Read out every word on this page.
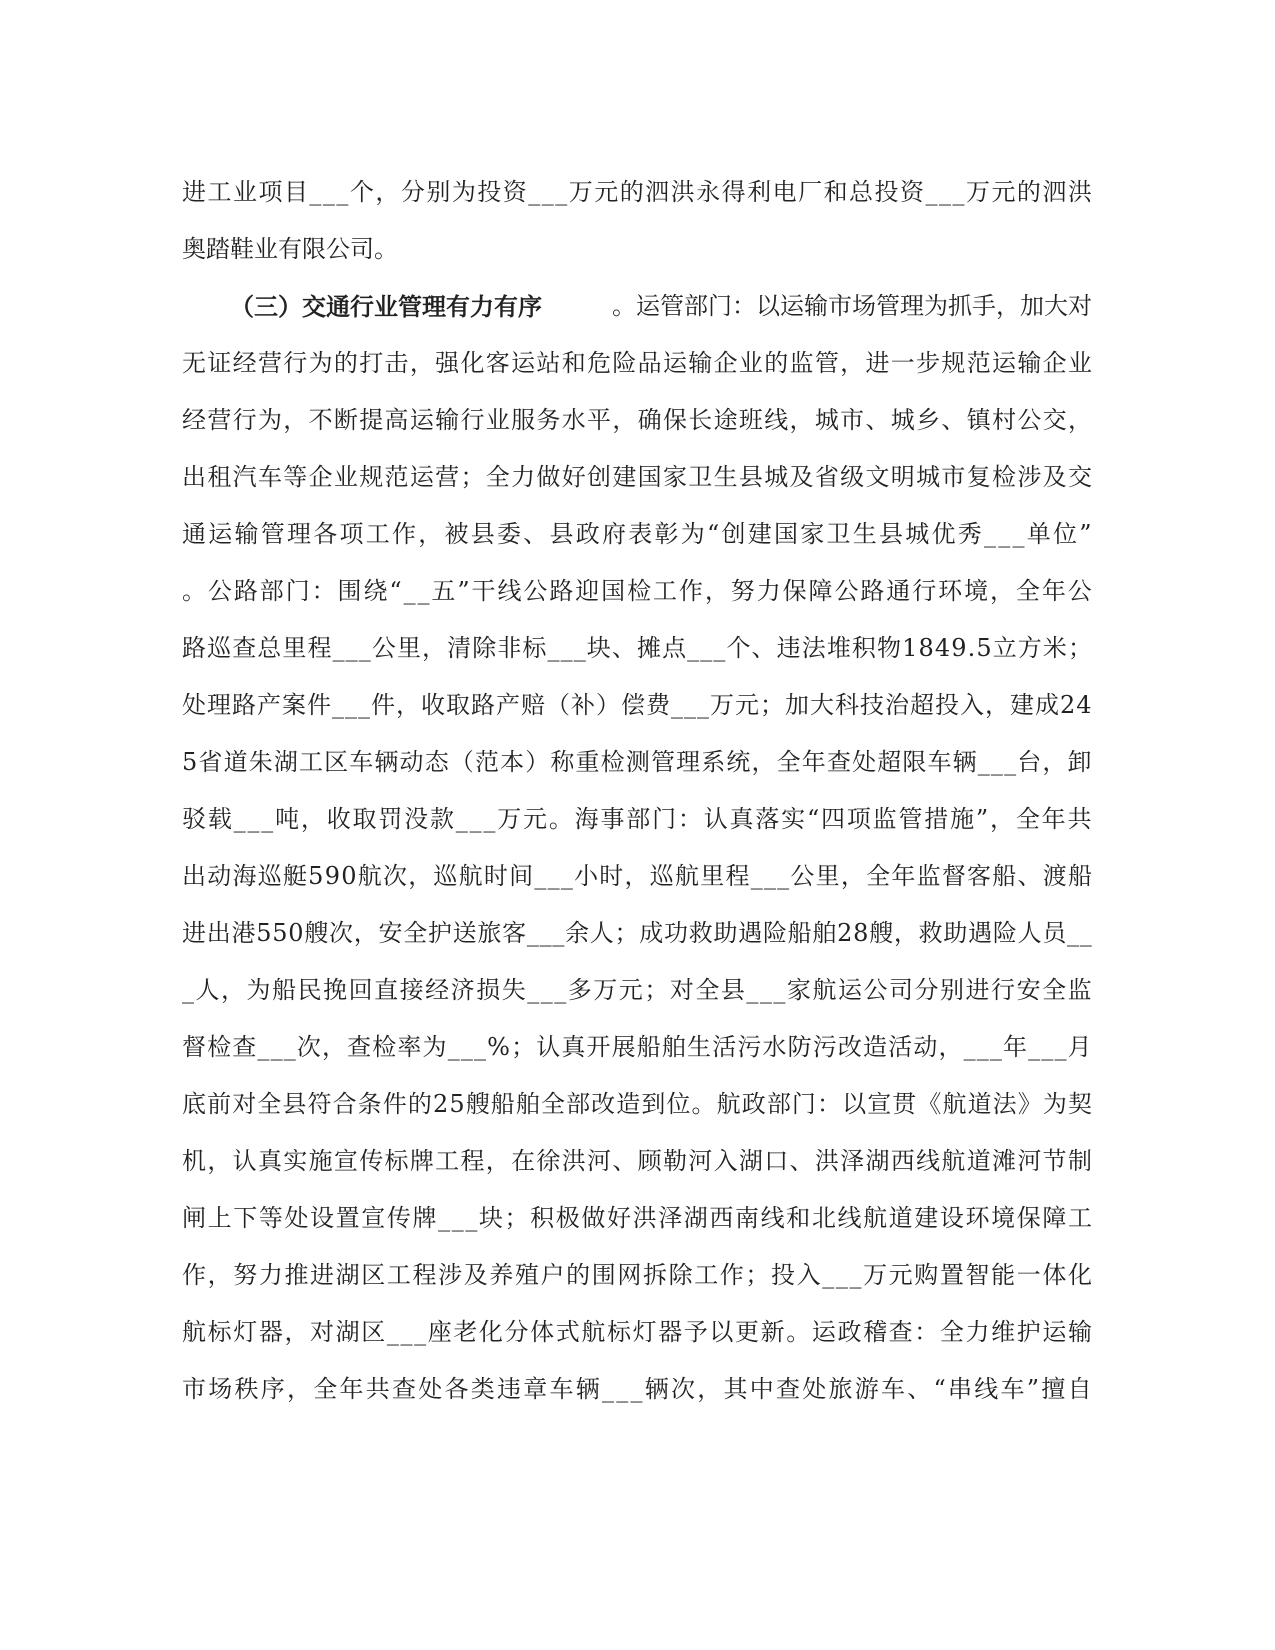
进 工 业 项 目 _ _ _ 个 ， 分 别 为 投 资 _ _ _ 万 元 的 泗 洪 永 得 利 电 厂 和 总 投 资 _ _ _ 万 元 的 泗 洪
奥踏鞋业有限公司。
（三）交通行业管理有力有序	。运管部门：以运输市场管理为抓手，加大对
无 证 经 营 行 为 的 打 击 ， 强 化 客 运 站 和 危 险 品 运 输 企 业 的 监 管 ， 进 一 步 规 范 运 输 企 业
经 营 行 为 ， 不 断 提 高 运 输 行 业 服 务 水 平 ， 确 保 长 途 班 线 ， 城 市 、 城 乡 、 镇 村 公 交 ，
出 租 汽 车 等 企 业 规 范 运 营 ； 全 力 做 好 创 建 国 家 卫 生 县 城 及 省 级 文 明 城 市 复 检 涉 及 交
通 运 输 管 理 各 项 工 作 ， 被 县 委 、 县 政 府 表 彰 为 “ 创 建 国 家 卫 生 县 城 优 秀 _ _ _ 单 位 ”
。 公 路 部 门 ： 围 绕 “ _ _ 五 ” 干 线 公 路 迎 国 检 工 作 ， 努 力 保 障 公 路 通 行 环 境 ， 全 年 公
路 巡 查 总 里 程 _ _ _ 公 里 ， 清 除 非 标 _ _ _ 块 、 摊 点 _ _ _ 个 、 违 法 堆 积 物 1 8 4 9 . 5 立 方 米 ；
处 理 路 产 案 件 _ _ _ 件 ， 收 取 路 产 赔 （ 补 ） 偿 费 _ _ _ 万 元 ； 加 大 科 技 治 超 投 入 ， 建 成 2 4
5 省 道 朱 湖 工 区 车 辆 动 态 （ 范 本 ） 称 重 检 测 管 理 系 统 ， 全 年 查 处 超 限 车 辆 _ _ _ 台 ， 卸
驳 载 _ _ _ 吨 ， 收 取 罚 没 款 _ _ _ 万 元 。 海 事 部 门 ： 认 真 落 实 “ 四 项 监 管 措 施 ” ， 全 年 共
出 动 海 巡 艇 5 9 0 航 次 ， 巡 航 时 间 _ _ _ 小 时 ， 巡 航 里 程 _ _ _ 公 里 ， 全 年 监 督 客 船 、 渡 船
进 出 港 5 5 0 艘 次 ， 安 全 护 送 旅 客 _ _ _ 余 人 ； 成 功 救 助 遇 险 船 舶 2 8 艘 ， 救 助 遇 险 人 员 _ _
_ 人 ， 为 船 民 挽 回 直 接 经 济 损 失 _ _ _ 多 万 元 ； 对 全 县 _ _ _ 家 航 运 公 司 分 别 进 行 安 全 监
督 检 查 _ _ _ 次 ， 查 检 率 为 _ _ _ % ； 认 真 开 展 船 舶 生 活 污 水 防 污 改 造 活 动 ， _ _ _ 年 _ _ _ 月
底 前 对 全 县 符 合 条 件 的 2 5 艘 船 舶 全 部 改 造 到 位 。 航 政 部 门 ： 以 宣 贯 《 航 道 法 》 为 契
机 ， 认 真 实 施 宣 传 标 牌 工 程 ， 在 徐 洪 河 、 顾 勒 河 入 湖 口 、 洪 泽 湖 西 线 航 道 滩 河 节 制
闸 上 下 等 处 设 置 宣 传 牌 _ _ _ 块 ； 积 极 做 好 洪 泽 湖 西 南 线 和 北 线 航 道 建 设 环 境 保 障 工
作 ， 努 力 推 进 湖 区 工 程 涉 及 养 殖 户 的 围 网 拆 除 工 作 ； 投 入 _ _ _ 万 元 购 置 智 能 一 体 化
航 标 灯 器 ， 对 湖 区 _ _ _ 座 老 化 分 体 式 航 标 灯 器 予 以 更 新 。 运 政 稽 查 ： 全 力 维 护 运 输
市 场 秩 序 ， 全 年 共 查 处 各 类 违 章 车 辆 _ _ _ 辆 次 ， 其 中 查 处 旅 游 车 、 “ 串 线 车 ” 擅 自
